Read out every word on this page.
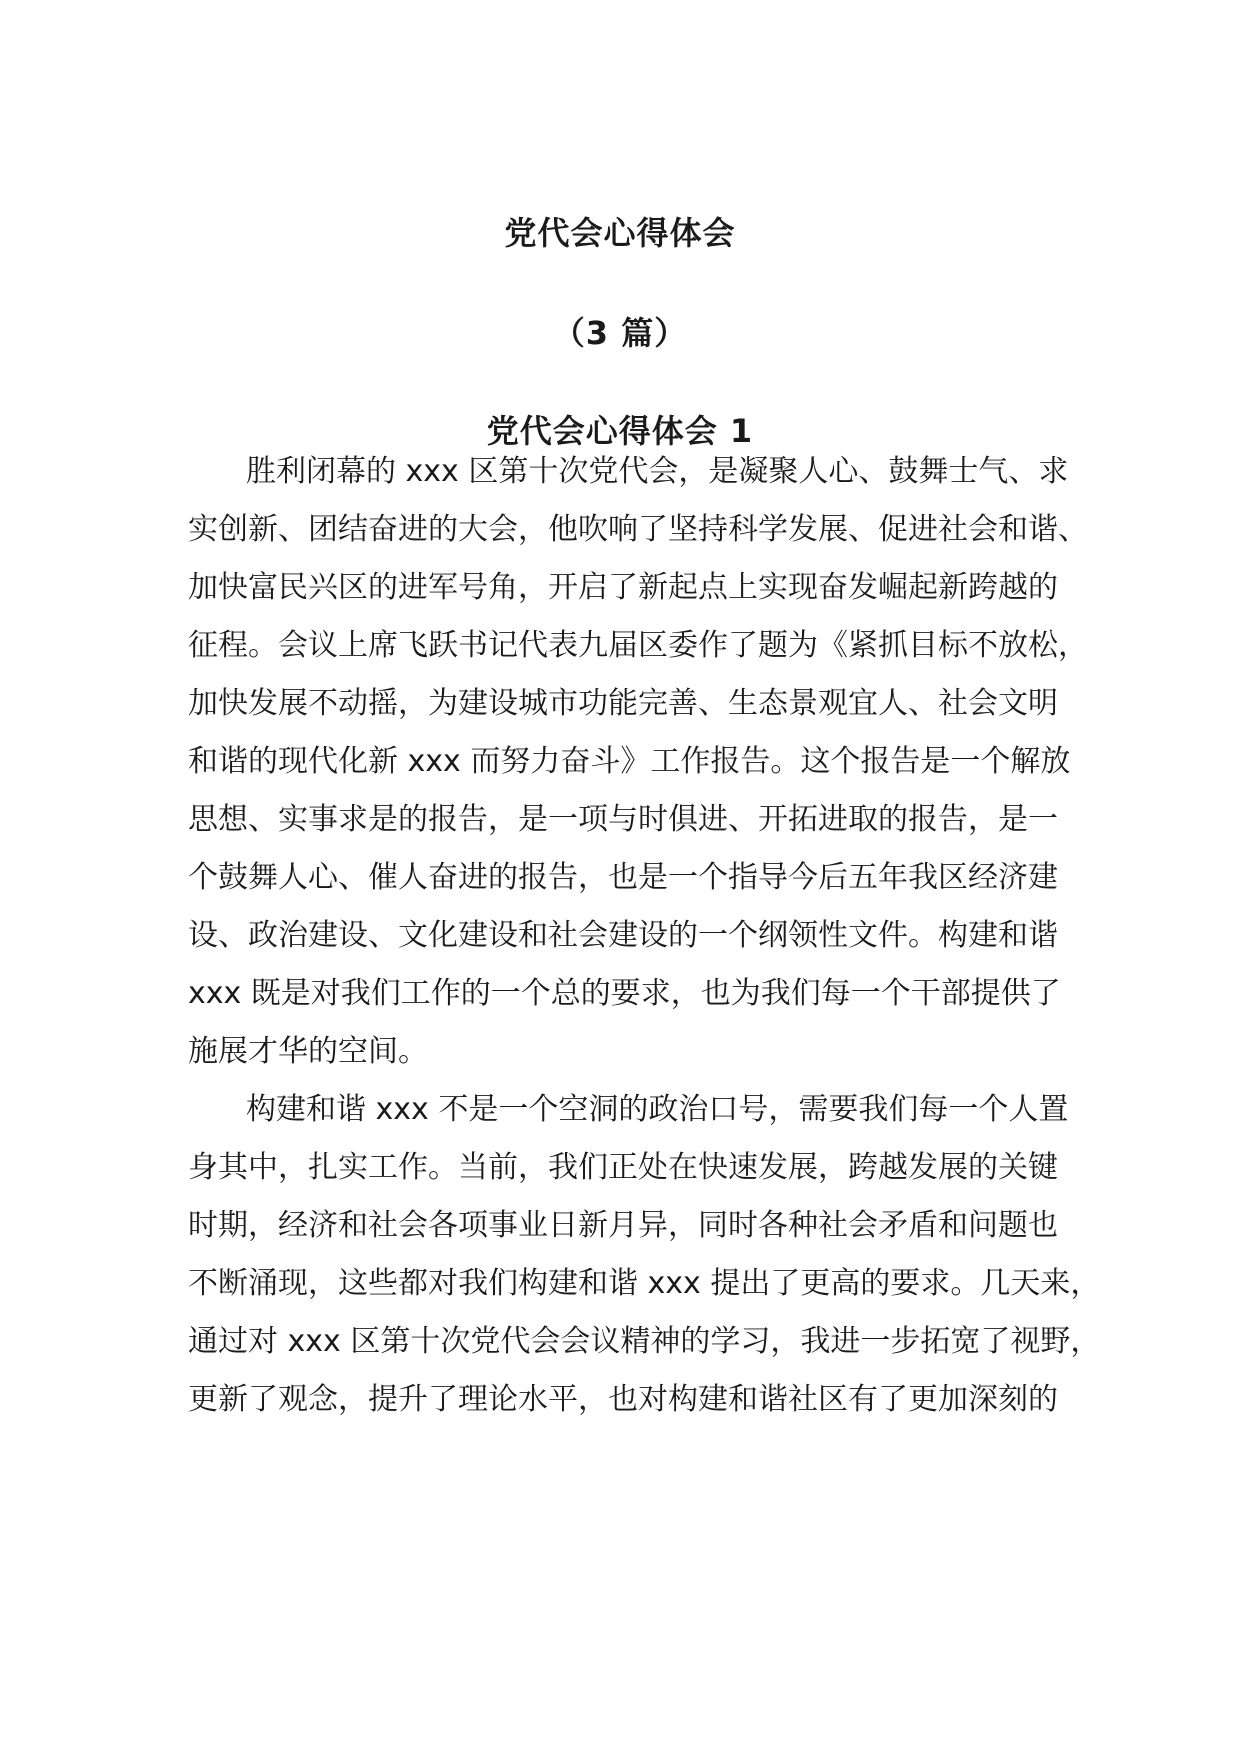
党代会心得体会
（3 篇）
党代会心得体会 1
胜利闭幕的 xxx 区第十次党代会，是凝聚人心、鼓舞士气、求
实创新、团结奋进的大会，他吹响了坚持科学发展、促进社会和谐、
加快富民兴区的进军号角，开启了新起点上实现奋发崛起新跨越的
征程。会议上席飞跃书记代表九届区委作了题为《紧抓目标不放松，
加快发展不动摇，为建设城市功能完善、生态景观宜人、社会文明
和谐的现代化新 xxx 而努力奋斗》工作报告。这个报告是一个解放
思想、实事求是的报告，是一项与时俱进、开拓进取的报告，是一
个鼓舞人心、催人奋进的报告，也是一个指导今后五年我区经济建
设、政治建设、文化建设和社会建设的一个纲领性文件。构建和谐
xxx 既是对我们工作的一个总的要求，也为我们每一个干部提供了
施展才华的空间。
构建和谐 xxx 不是一个空洞的政治口号，需要我们每一个人置
身其中，扎实工作。当前，我们正处在快速发展，跨越发展的关键
时期，经济和社会各项事业日新月异，同时各种社会矛盾和问题也
不断涌现，这些都对我们构建和谐 xxx 提出了更高的要求。几天来，
通过对 xxx 区第十次党代会会议精神的学习，我进一步拓宽了视野，
更新了观念，提升了理论水平，也对构建和谐社区有了更加深刻的
